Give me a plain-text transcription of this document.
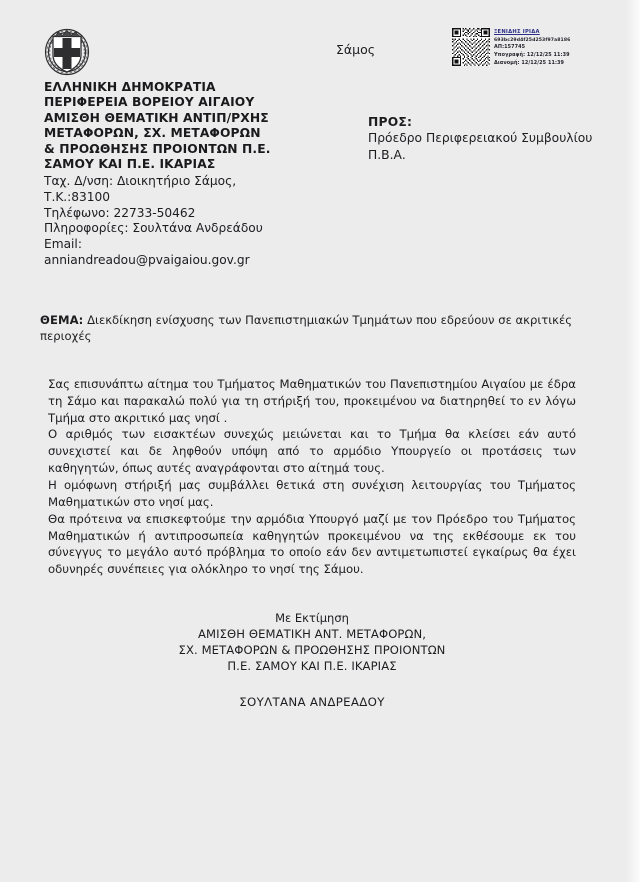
ΕΛΛΗΝΙΚΗ ΔΗΜΟΚΡΑΤΙΑ
ΠΕΡΙΦΕΡΕΙΑ ΒΟΡΕΙΟΥ ΑΙΓΑΙΟΥ
ΑΜΙΣΘΗ ΘΕΜΑΤΙΚΗ ΑΝΤΙΠ/ΡΧΗΣ
ΜΕΤΑΦΟΡΩΝ, ΣΧ. ΜΕΤΑΦΟΡΩΝ
& ΠΡΟΩΘΗΣΗΣ ΠΡΟΙΟΝΤΩΝ Π.Ε.
ΣΑΜΟΥ ΚΑΙ Π.Ε. ΙΚΑΡΙΑΣ
Ταχ. Δ/νση: Διοικητήριο Σάμος,
Τ.Κ.:83100
Τηλέφωνο: 22733-50462
Πληροφορίες: Σουλτάνα Ανδρεάδου
Email:
anniandreadou@pvaigaiou.gov.gr
Σάμος
ΠΡΟΣ:
Πρόεδρο Περιφερειακού Συμβουλίου
Π.Β.Α.
ΞΕΝΙΔΗΣ ΙΡΙΔΑ
693bc29d4f25d253f97a8186
ΑΠ:157745
Υπογραφή: 12/12/25 11:39
Διανομή: 12/12/25 11:39
ΘΕΜΑ: Διεκδίκηση ενίσχυσης των Πανεπιστημιακών Τμημάτων που εδρεύουν σε ακριτικές περιοχές

Σας επισυνάπτω αίτημα του Τμήματος Μαθηματικών του Πανεπιστημίου Αιγαίου με έδρα τη Σάμο και παρακαλώ πολύ για τη στήριξή του, προκειμένου να διατηρηθεί το εν λόγω Τμήμα στο ακριτικό μας νησί .

Ο αριθμός των εισακτέων συνεχώς μειώνεται και το Τμήμα θα κλείσει εάν αυτό συνεχιστεί και δε ληφθούν υπόψη από το αρμόδιο Υπουργείο οι προτάσεις των καθηγητών, όπως αυτές αναγράφονται στο αίτημά τους.

Η ομόφωνη στήριξή μας συμβάλλει θετικά στη συνέχιση λειτουργίας του Τμήματος Μαθηματικών στο νησί μας.

Θα πρότεινα να επισκεφτούμε την αρμόδια Υπουργό μαζί με τον Πρόεδρο του Τμήματος Μαθηματικών ή αντιπροσωπεία καθηγητών προκειμένου να της εκθέσουμε εκ του σύνεγγυς το μεγάλο αυτό πρόβλημα το οποίο εάν δεν αντιμετωπιστεί εγκαίρως θα έχει οδυνηρές συνέπειες για ολόκληρο το νησί της Σάμου.

Με Εκτίμηση
ΑΜΙΣΘΗ ΘΕΜΑΤΙΚΗ ΑΝΤ. ΜΕΤΑΦΟΡΩΝ,
ΣΧ. ΜΕΤΑΦΟΡΩΝ & ΠΡΟΩΘΗΣΗΣ ΠΡΟΙΟΝΤΩΝ
Π.Ε. ΣΑΜΟΥ ΚΑΙ Π.Ε. ΙΚΑΡΙΑΣ
ΣΟΥΛΤΑΝΑ ΑΝΔΡΕΑΔΟΥ
